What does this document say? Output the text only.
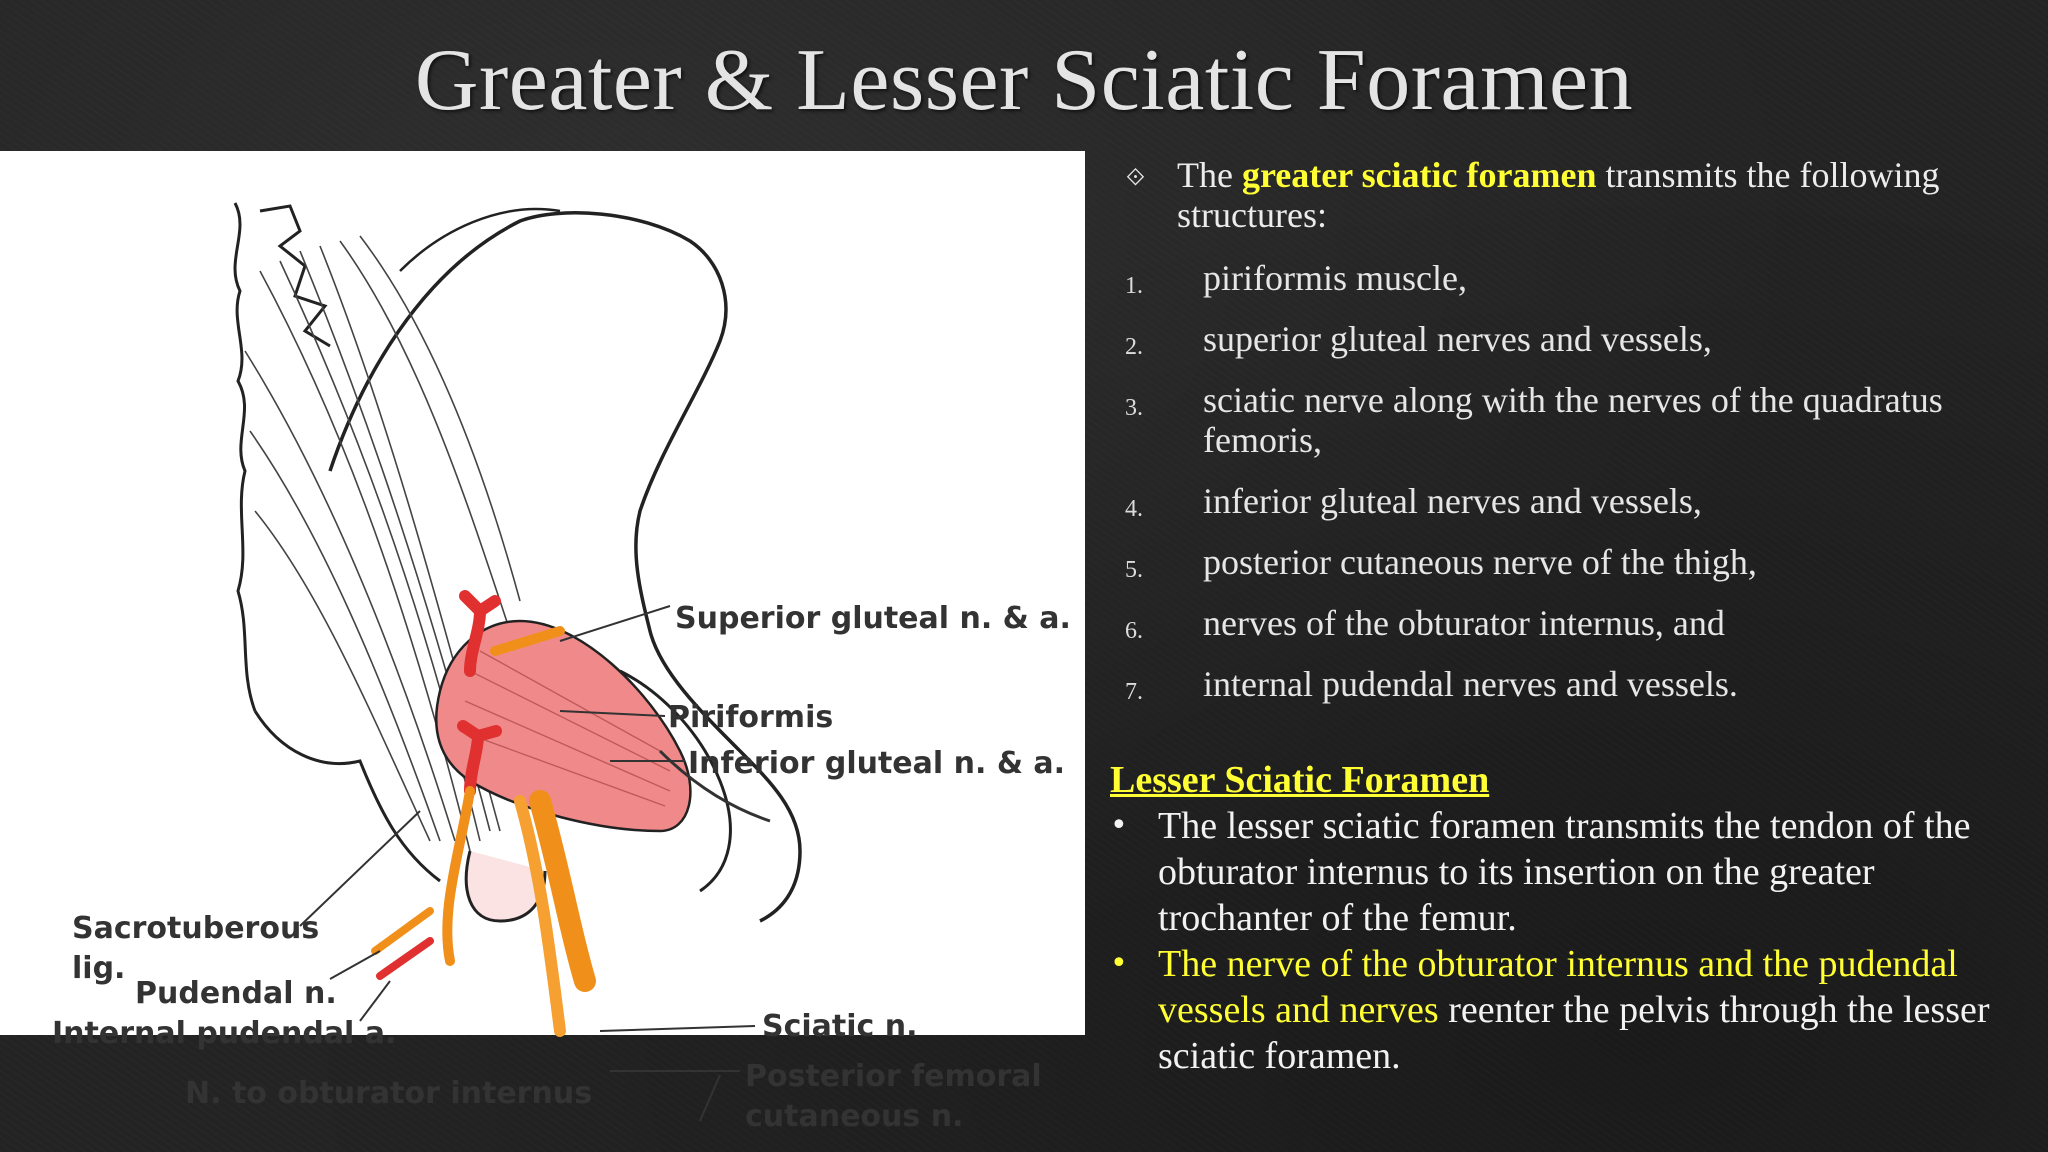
Greater & Lesser Sciatic Foramen
Superior gluteal n. & a.
Piriformis
Inferior gluteal n. & a.
Sacrotuberous
lig.
Pudendal n.
Internal pudendal a.
N. to obturator internus
Sciatic n.
Posterior femoral
cutaneous n.
⟐ The greater sciatic foramen transmits the following structures:
1. piriformis muscle,
2. superior gluteal nerves and vessels,
3. sciatic nerve along with the nerves of the quadratus femoris,
4. inferior gluteal nerves and vessels,
5. posterior cutaneous nerve of the thigh,
6. nerves of the obturator internus, and
7. internal pudendal nerves and vessels.
Lesser Sciatic Foramen
• The lesser sciatic foramen transmits the tendon of the obturator internus to its insertion on the greater trochanter of the femur.
• The nerve of the obturator internus and the pudendal vessels and nerves reenter the pelvis through the lesser sciatic foramen.
